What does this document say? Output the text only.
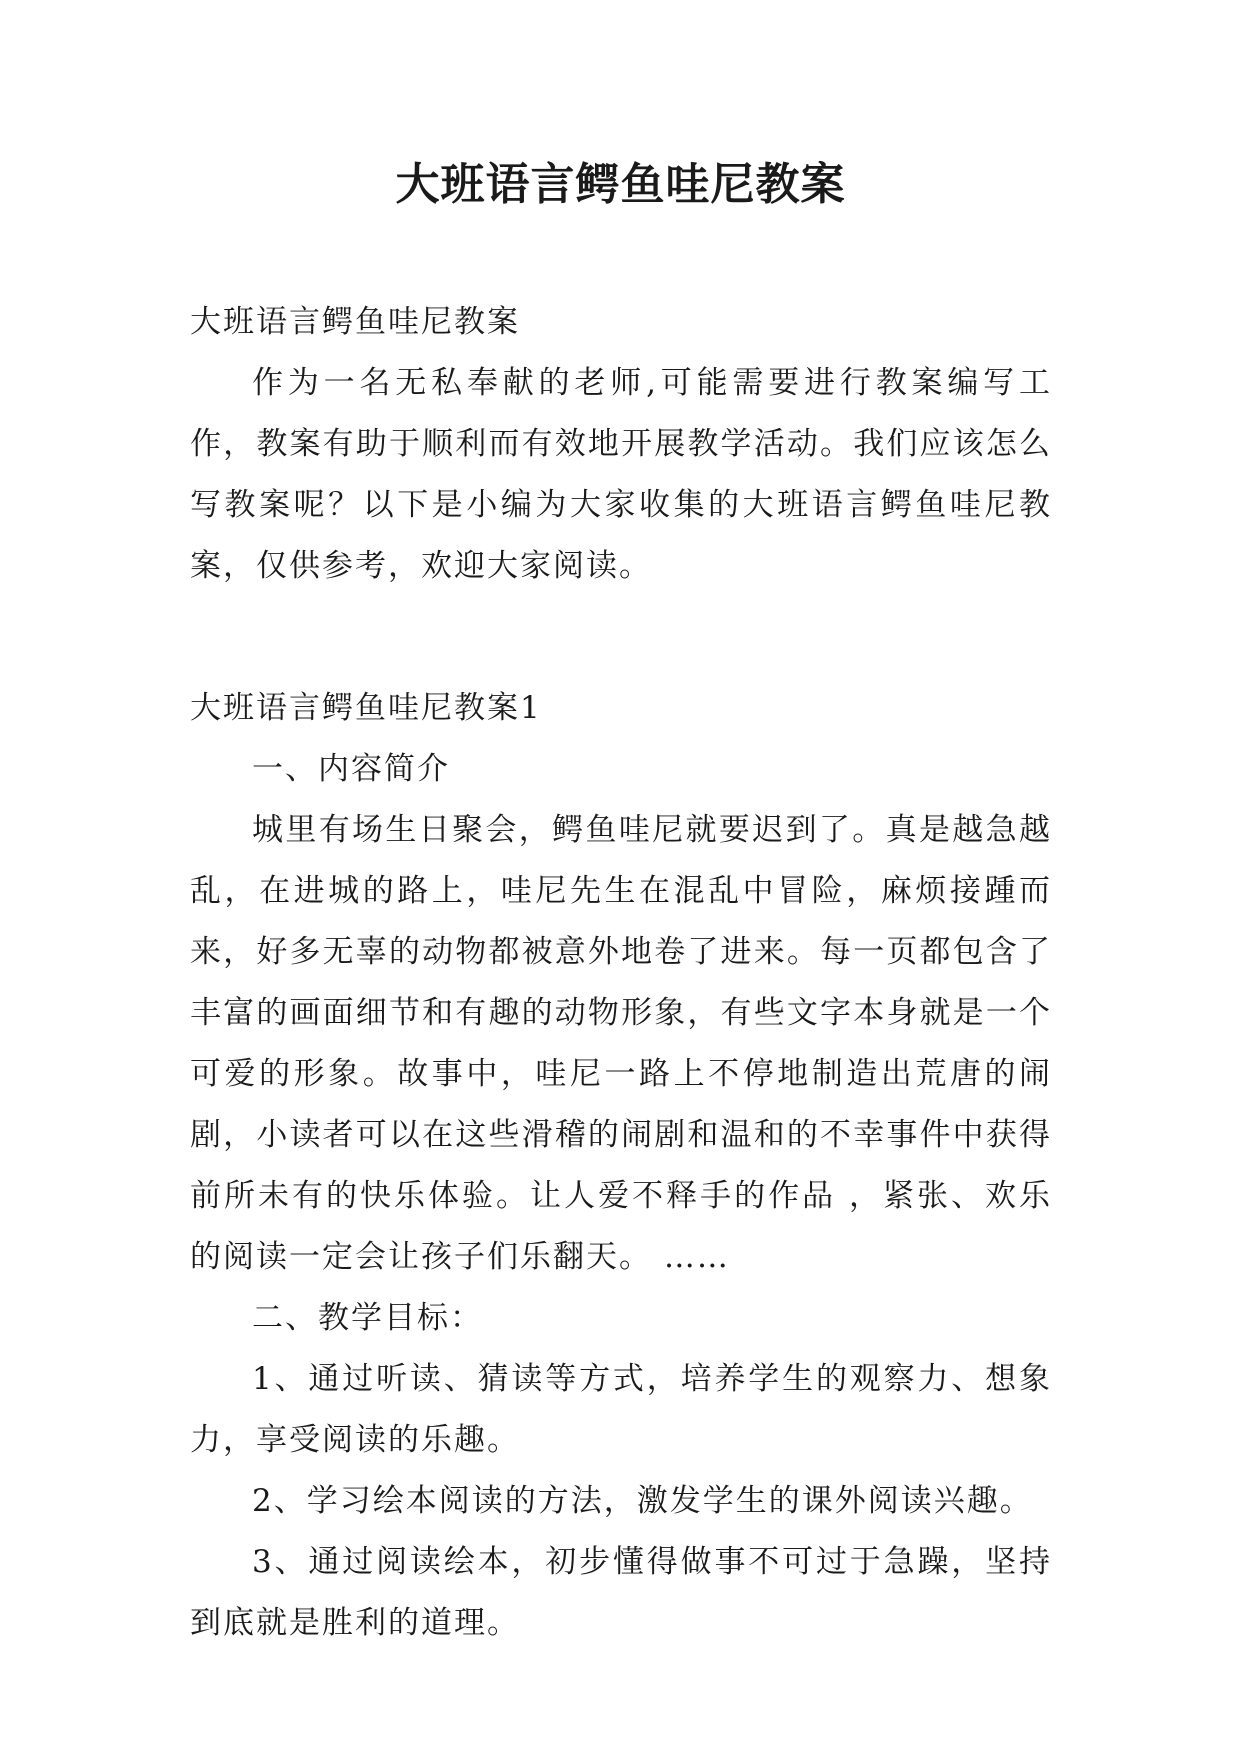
大班语言鳄鱼哇尼教案

大班语言鳄鱼哇尼教案

作为一名无私奉献的老师,可能需要进行教案编写工作，教案有助于顺利而有效地开展教学活动。我们应该怎么写教案呢？以下是小编为大家收集的大班语言鳄鱼哇尼教案，仅供参考，欢迎大家阅读。

大班语言鳄鱼哇尼教案1

一、内容简介

城里有场生日聚会，鳄鱼哇尼就要迟到了。真是越急越乱，在进城的路上，哇尼先生在混乱中冒险，麻烦接踵而来，好多无辜的动物都被意外地卷了进来。每一页都包含了丰富的画面细节和有趣的动物形象，有些文字本身就是一个可爱的形象。故事中，哇尼一路上不停地制造出荒唐的闹剧，小读者可以在这些滑稽的闹剧和温和的不幸事件中获得前所未有的快乐体验。让人爱不释手的作品 ，紧张、欢乐的阅读一定会让孩子们乐翻天。 ……

二、教学目标：

1、通过听读、猜读等方式，培养学生的观察力、想象力，享受阅读的乐趣。

2、学习绘本阅读的方法，激发学生的课外阅读兴趣。

3、通过阅读绘本，初步懂得做事不可过于急躁，坚持到底就是胜利的道理。
